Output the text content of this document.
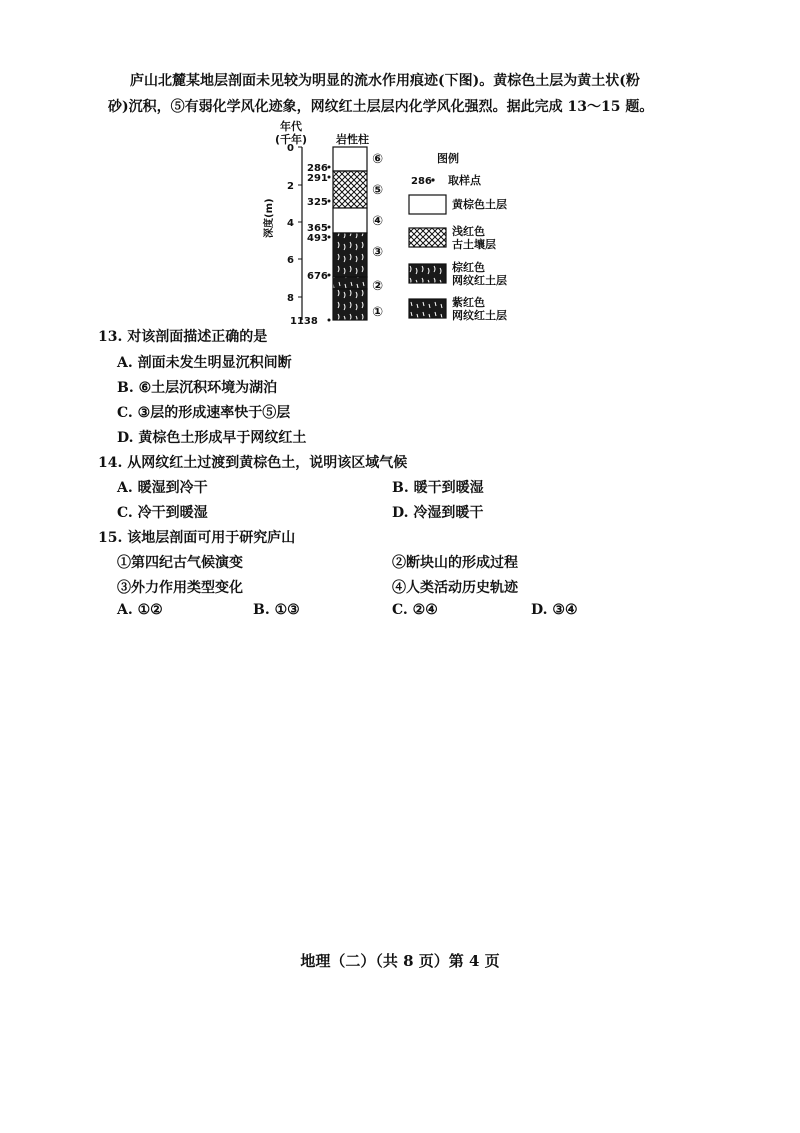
庐山北麓某地层剖面未见较为明显的流水作用痕迹(下图)。黄棕色土层为黄土状(粉
砂)沉积，⑤有弱化学风化迹象，网纹红土层层内化学风化强烈。据此完成 13～15 题。
年代
(千年)	岩性柱
深度(m)
0
2
4
6
8
286
291
325
365
493
676
1138
⑥
⑤
④
③
②
①
图例
286 取样点
黄棕色土层
浅红色
古土壤层
棕红色
网纹红土层
紫红色
网纹红土层
13. 对该剖面描述正确的是
A. 剖面未发生明显沉积间断
B. ⑥土层沉积环境为湖泊
C. ③层的形成速率快于⑤层
D. 黄棕色土形成早于网纹红土
14. 从网纹红土过渡到黄棕色土，说明该区域气候
A. 暖湿到冷干	B. 暖干到暖湿
C. 冷干到暖湿	D. 冷湿到暖干
15. 该地层剖面可用于研究庐山
①第四纪古气候演变	②断块山的形成过程
③外力作用类型变化	④人类活动历史轨迹
A. ①②	B. ①③	C. ②④	D. ③④
地理（二）（共 8 页）第 4 页
